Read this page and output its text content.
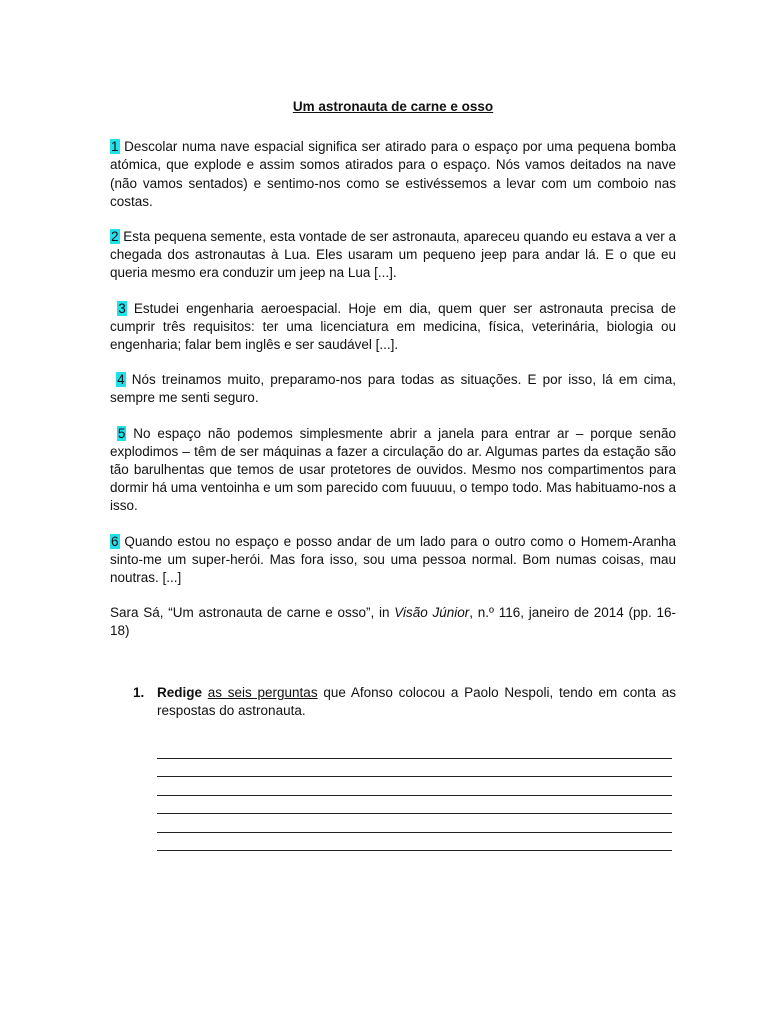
Um astronauta de carne e osso
1 Descolar numa nave espacial significa ser atirado para o espaço por uma pequena bomba atómica, que explode e assim somos atirados para o espaço. Nós vamos deitados na nave (não vamos sentados) e sentimo-nos como se estivéssemos a levar com um comboio nas costas.
2 Esta pequena semente, esta vontade de ser astronauta, apareceu quando eu estava a ver a chegada dos astronautas à Lua. Eles usaram um pequeno jeep para andar lá. E o que eu queria mesmo era conduzir um jeep na Lua [...].
3 Estudei engenharia aeroespacial. Hoje em dia, quem quer ser astronauta precisa de cumprir três requisitos: ter uma licenciatura em medicina, física, veterinária, biologia ou engenharia; falar bem inglês e ser saudável [...].
4 Nós treinamos muito, preparamo-nos para todas as situações. E por isso, lá em cima, sempre me senti seguro.
5 No espaço não podemos simplesmente abrir a janela para entrar ar – porque senão explodimos – têm de ser máquinas a fazer a circulação do ar. Algumas partes da estação são tão barulhentas que temos de usar protetores de ouvidos. Mesmo nos compartimentos para dormir há uma ventoinha e um som parecido com fuuuuu, o tempo todo. Mas habituamo-nos a isso.
6 Quando estou no espaço e posso andar de um lado para o outro como o Homem-Aranha sinto-me um super-herói. Mas fora isso, sou uma pessoa normal. Bom numas coisas, mau noutras. [...]
Sara Sá, “Um astronauta de carne e osso”, in Visão Júnior, n.º 116, janeiro de 2014 (pp. 16-18)
1. Redige as seis perguntas que Afonso colocou a Paolo Nespoli, tendo em conta as respostas do astronauta.
